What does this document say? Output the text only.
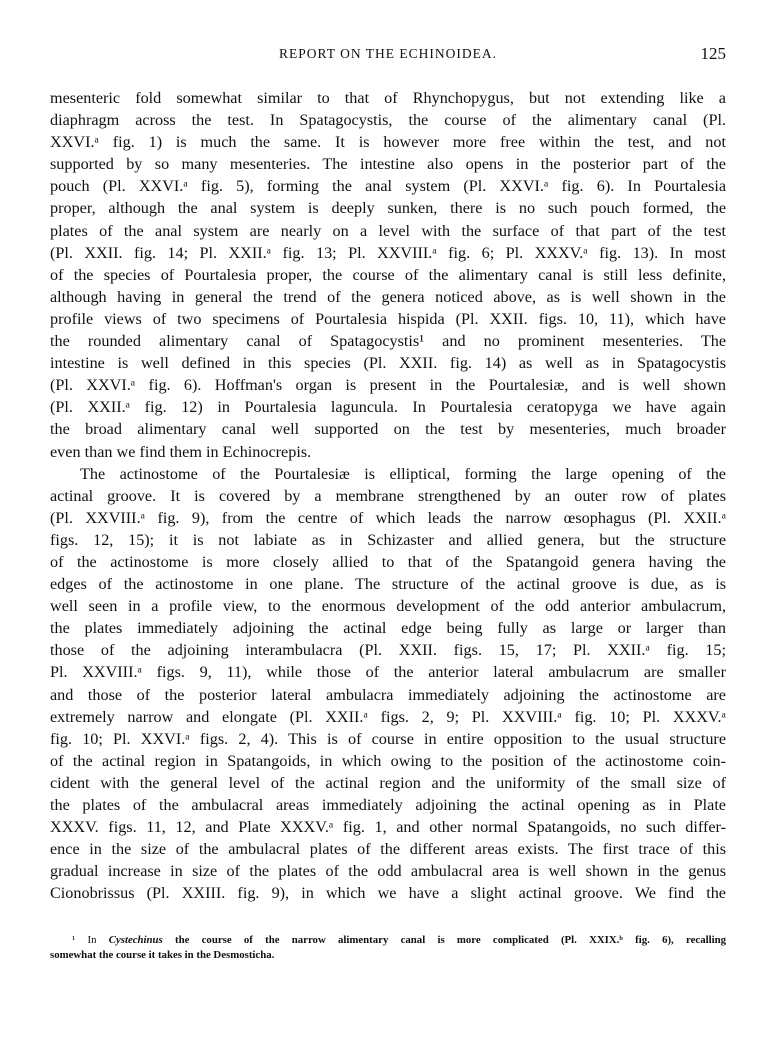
REPORT ON THE ECHINOIDEA.	125
mesenteric fold somewhat similar to that of Rhynchopygus, but not extending like a
diaphragm across the test. In Spatagocystis, the course of the alimentary canal (Pl.
XXVI.ᵃ fig. 1) is much the same. It is however more free within the test, and not
supported by so many mesenteries. The intestine also opens in the posterior part of the
pouch (Pl. XXVI.ᵃ fig. 5), forming the anal system (Pl. XXVI.ᵃ fig. 6). In Pourtalesia
proper, although the anal system is deeply sunken, there is no such pouch formed, the
plates of the anal system are nearly on a level with the surface of that part of the test
(Pl. XXII. fig. 14; Pl. XXII.ᵃ fig. 13; Pl. XXVIII.ᵃ fig. 6; Pl. XXXV.ᵃ fig. 13). In most
of the species of Pourtalesia proper, the course of the alimentary canal is still less definite,
although having in general the trend of the genera noticed above, as is well shown in the
profile views of two specimens of Pourtalesia hispida (Pl. XXII. figs. 10, 11), which have
the rounded alimentary canal of Spatagocystis¹ and no prominent mesenteries. The
intestine is well defined in this species (Pl. XXII. fig. 14) as well as in Spatagocystis
(Pl. XXVI.ᵃ fig. 6). Hoffman's organ is present in the Pourtalesiæ, and is well shown
(Pl. XXII.ᵃ fig. 12) in Pourtalesia laguncula. In Pourtalesia ceratopyga we have again
the broad alimentary canal well supported on the test by mesenteries, much broader
even than we find them in Echinocrepis.
The actinostome of the Pourtalesiæ is elliptical, forming the large opening of the
actinal groove. It is covered by a membrane strengthened by an outer row of plates
(Pl. XXVIII.ᵃ fig. 9), from the centre of which leads the narrow œsophagus (Pl. XXII.ᵃ
figs. 12, 15); it is not labiate as in Schizaster and allied genera, but the structure
of the actinostome is more closely allied to that of the Spatangoid genera having the
edges of the actinostome in one plane. The structure of the actinal groove is due, as is
well seen in a profile view, to the enormous development of the odd anterior ambulacrum,
the plates immediately adjoining the actinal edge being fully as large or larger than
those of the adjoining interambulacra (Pl. XXII. figs. 15, 17; Pl. XXII.ᵃ fig. 15;
Pl. XXVIII.ᵃ figs. 9, 11), while those of the anterior lateral ambulacrum are smaller
and those of the posterior lateral ambulacra immediately adjoining the actinostome are
extremely narrow and elongate (Pl. XXII.ᵃ figs. 2, 9; Pl. XXVIII.ᵃ fig. 10; Pl. XXXV.ᵃ
fig. 10; Pl. XXVI.ᵃ figs. 2, 4). This is of course in entire opposition to the usual structure
of the actinal region in Spatangoids, in which owing to the position of the actinostome coin-
cident with the general level of the actinal region and the uniformity of the small size of
the plates of the ambulacral areas immediately adjoining the actinal opening as in Plate
XXXV. figs. 11, 12, and Plate XXXV.ᵃ fig. 1, and other normal Spatangoids, no such differ-
ence in the size of the ambulacral plates of the different areas exists. The first trace of this
gradual increase in size of the plates of the odd ambulacral area is well shown in the genus
Cionobrissus (Pl. XXIII. fig. 9), in which we have a slight actinal groove. We find the
¹ In Cystechinus the course of the narrow alimentary canal is more complicated (Pl. XXIX.ᵇ fig. 6), recalling
somewhat the course it takes in the Desmosticha.
